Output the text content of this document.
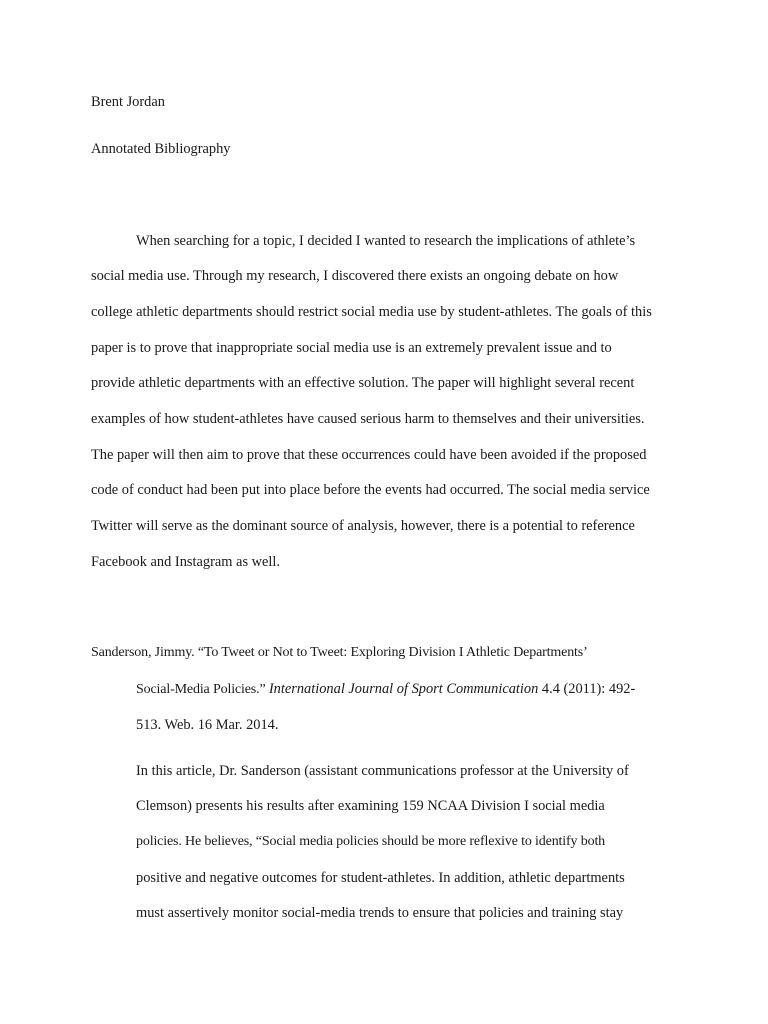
Brent Jordan
Annotated Bibliography
When searching for a topic, I decided I wanted to research the implications of athlete’s
social media use. Through my research, I discovered there exists an ongoing debate on how
college athletic departments should restrict social media use by student-athletes. The goals of this
paper is to prove that inappropriate social media use is an extremely prevalent issue and to
provide athletic departments with an effective solution. The paper will highlight several recent
examples of how student-athletes have caused serious harm to themselves and their universities.
The paper will then aim to prove that these occurrences could have been avoided if the proposed
code of conduct had been put into place before the events had occurred. The social media service
Twitter will serve as the dominant source of analysis, however, there is a potential to reference
Facebook and Instagram as well.
Sanderson, Jimmy. “To Tweet or Not to Tweet: Exploring Division I Athletic Departments’
Social-Media Policies.” International Journal of Sport Communication 4.4 (2011): 492-
513. Web. 16 Mar. 2014.
In this article, Dr. Sanderson (assistant communications professor at the University of
Clemson) presents his results after examining 159 NCAA Division I social media
policies. He believes, “Social media policies should be more reflexive to identify both
positive and negative outcomes for student-athletes. In addition, athletic departments
must assertively monitor social-media trends to ensure that policies and training stay
